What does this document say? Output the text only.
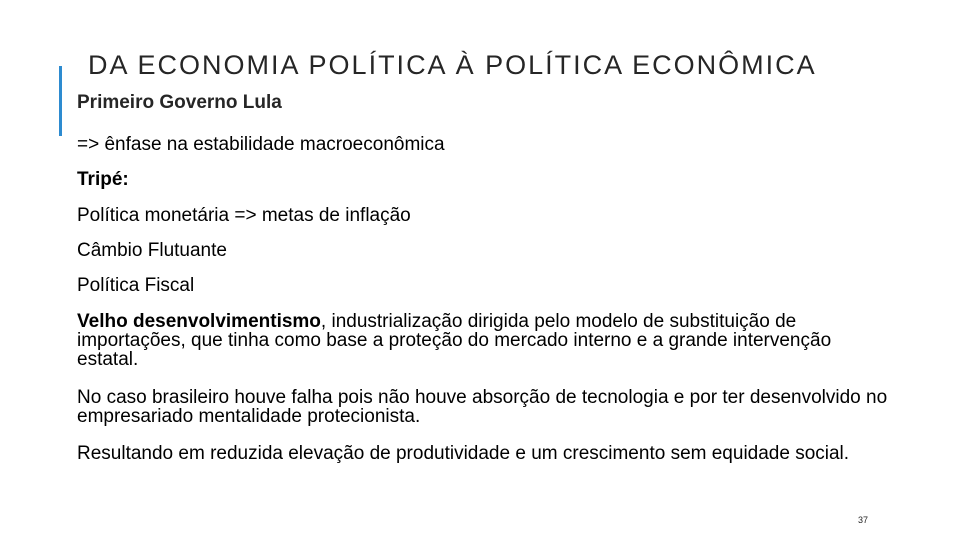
DA ECONOMIA POLÍTICA À POLÍTICA ECONÔMICA
Primeiro Governo Lula

=> ênfase na estabilidade macroeconômica

Tripé:

Política monetária => metas de inflação

Câmbio Flutuante

Política Fiscal

Velho desenvolvimentismo, industrialização dirigida pelo modelo de substituição de importações, que tinha como base a proteção do mercado interno e a grande intervenção estatal.

No caso brasileiro houve falha pois não houve absorção de tecnologia e por ter desenvolvido no empresariado mentalidade protecionista.

Resultando em reduzida elevação de produtividade e um crescimento sem equidade social.

37
